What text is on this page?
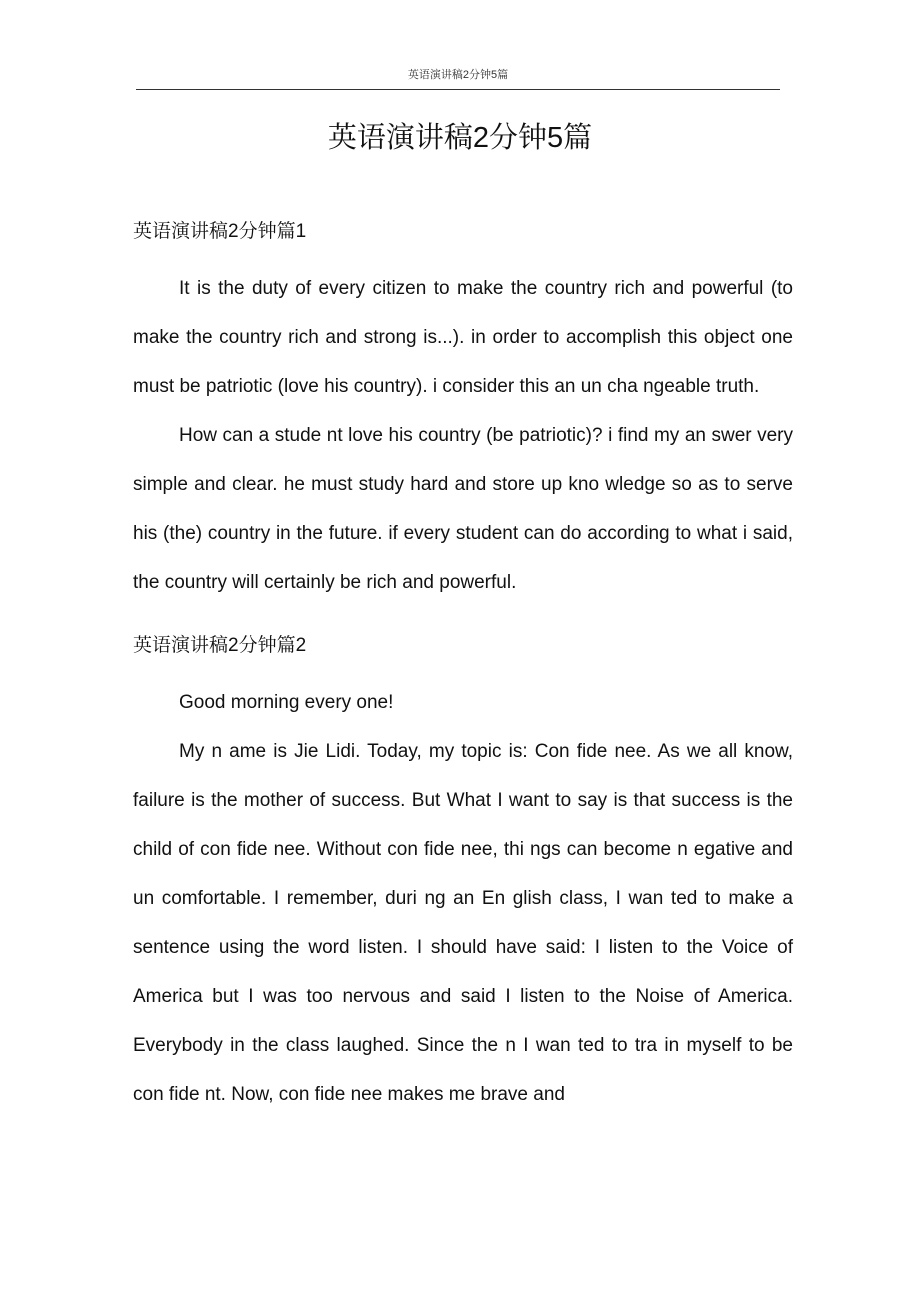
英语演讲稿2分钟5篇
英语演讲稿2分钟5篇
英语演讲稿2分钟篇1

It is the duty of every citizen to make the country rich and powerful (to make the country rich and strong is...). in order to accomplish this object one must be patriotic (love his country). i consider this an un cha ngeable truth.

How can a stude nt love his country (be patriotic)? i find my an swer very simple and clear. he must study hard and store up kno wledge so as to serve his (the) country in the future. if every student can do according to what i said, the country will certainly be rich and powerful.

英语演讲稿2分钟篇2

Good morning every one!

My n ame is Jie Lidi. Today, my topic is: Con fide nee. As we all know, failure is the mother of success. But What I want to say is that success is the child of con fide nee. Without con fide nee, thi ngs can become n egative and un comfortable. I remember, duri ng an En glish class, I wan ted to make a sentence using the word listen. I should have said: I listen to the Voice of America but I was too nervous and said I listen to the Noise of America. Everybody in the class laughed. Since the n I wan ted to tra in myself to be con fide nt. Now, con fide nee makes me brave and
